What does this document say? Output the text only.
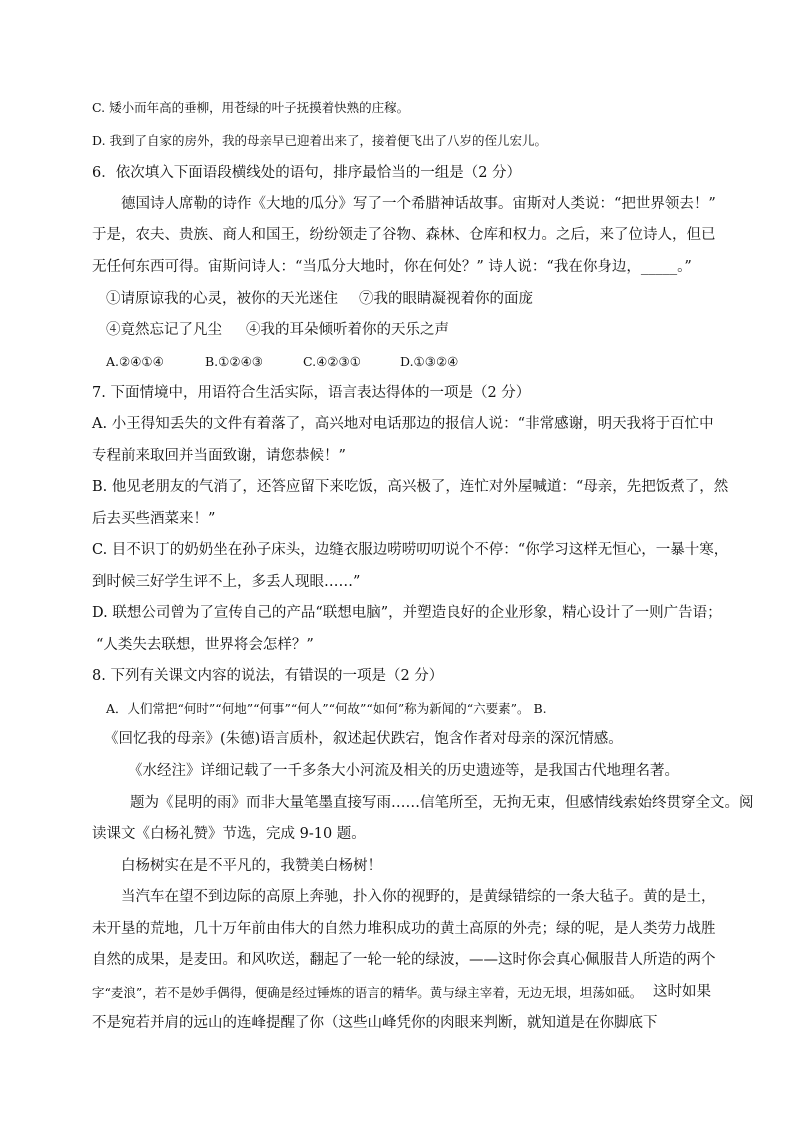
C. 矮小而年高的垂柳，用苍绿的叶子抚摸着快熟的庄稼。
D. 我到了自家的房外，我的母亲早已迎着出来了，接着便飞出了八岁的侄儿宏儿。
6．依次填入下面语段横线处的语句，排序最恰当的一组是（2 分）
德国诗人席勒的诗作《大地的瓜分》写了一个希腊神话故事。宙斯对人类说：“把世界领去！”
于是，农夫、贵族、商人和国王，纷纷领走了谷物、森林、仓库和权力。之后，来了位诗人，但已
无任何东西可得。宙斯问诗人：“当瓜分大地时，你在何处？” 诗人说：“我在你身边，_____。”
①请原谅我的心灵，被你的天光迷住 ⑦我的眼睛凝视着你的面庞
④竟然忘记了凡尘 ④我的耳朵倾听着你的天乐之声
A.②④①④	B.①②④③	C.④②③①	D.①③②④
7. 下面情境中，用语符合生活实际，语言表达得体的一项是（2 分）
A. 小王得知丢失的文件有着落了，高兴地对电话那边的报信人说：“非常感谢，明天我将于百忙中
专程前来取回并当面致谢，请您恭候！”
B. 他见老朋友的气消了，还答应留下来吃饭，高兴极了，连忙对外屋喊道：“母亲，先把饭煮了，然
后去买些酒菜来！”
C. 目不识丁的奶奶坐在孙子床头，边缝衣服边唠唠叨叨说个不停：“你学习这样无恒心，一暴十寒，
到时候三好学生评不上，多丢人现眼……”
D. 联想公司曾为了宣传自己的产品“联想电脑”，并塑造良好的企业形象，精心设计了一则广告语；
“人类失去联想，世界将会怎样？”
8. 下列有关课文内容的说法，有错误的一项是（2 分）
A．人们常把“何时”“何地”“何事”“何人”“何故”“如何”称为新闻的“六要素”。 B.
《回忆我的母亲》(朱德)语言质朴，叙述起伏跌宕，饱含作者对母亲的深沉情感。
《水经注》详细记载了一千多条大小河流及相关的历史遗迹等，是我国古代地理名著。
题为《昆明的雨》而非大量笔墨直接写雨……信笔所至，无拘无束，但感情线索始终贯穿全文。阅
读课文《白杨礼赞》节选，完成 9-10 题。
白杨树实在是不平凡的，我赞美白杨树！
当汽车在望不到边际的高原上奔驰，扑入你的视野的，是黄绿错综的一条大毡子。黄的是土，
未开垦的荒地，几十万年前由伟大的自然力堆积成功的黄土高原的外壳；绿的呢，是人类劳力战胜
自然的成果，是麦田。和风吹送，翻起了一轮一轮的绿波，——这时你会真心佩服昔人所造的两个
字“麦浪”，若不是妙手偶得，便确是经过锤炼的语言的精华。黄与绿主宰着，无边无垠，坦荡如砥。 这时如果
不是宛若并肩的远山的连峰提醒了你（这些山峰凭你的肉眼来判断，就知道是在你脚底下
